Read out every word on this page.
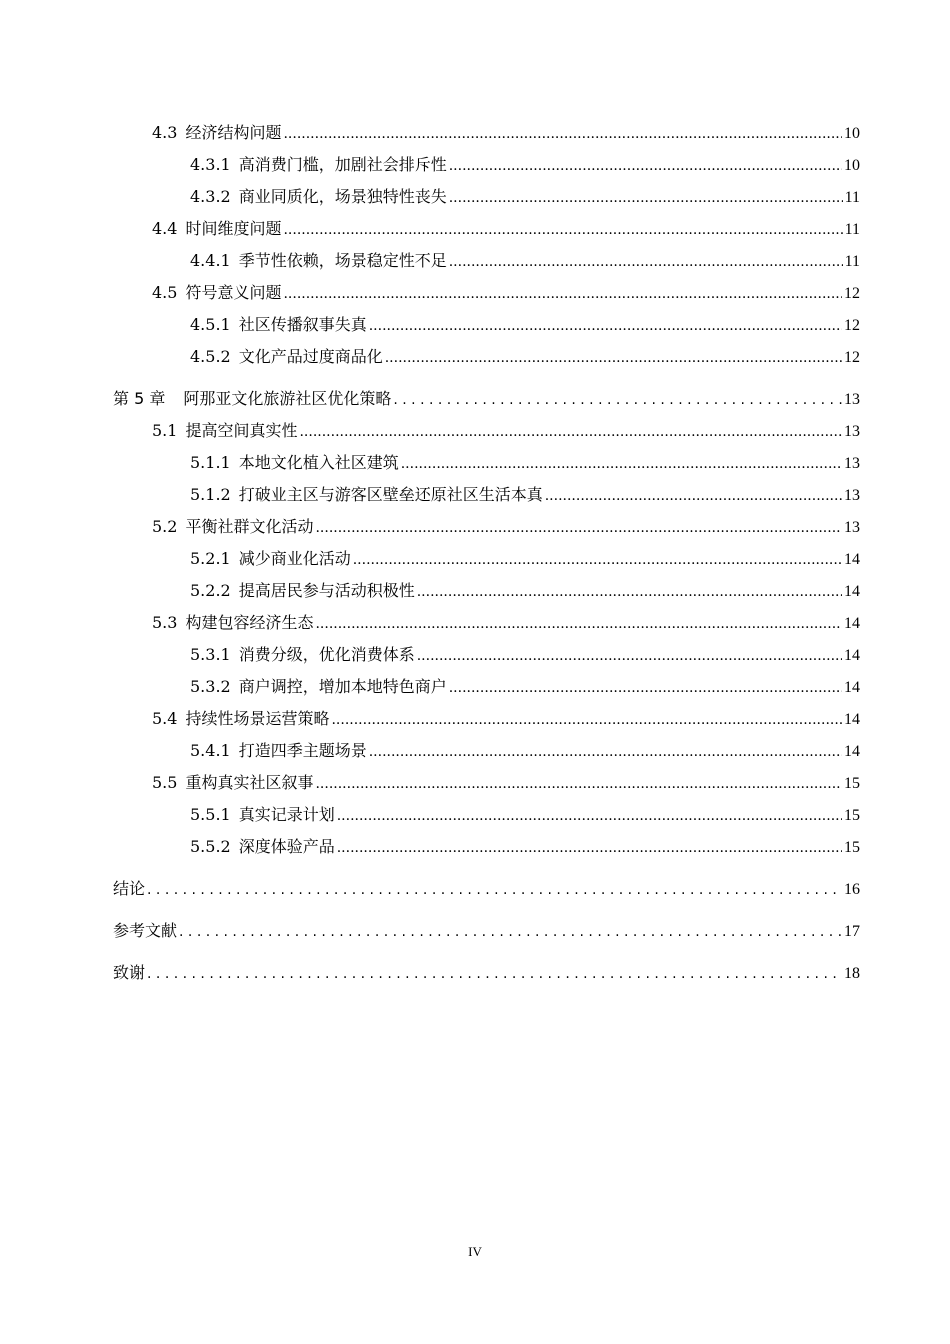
4.3 经济结构问题 .....	10
4.3.1 高消费门槛，加剧社会排斥性 .....	10
4.3.2 商业同质化，场景独特性丧失 .....	11
4.4 时间维度问题 .....	11
4.4.1 季节性依赖，场景稳定性不足 .....	11
4.5 符号意义问题 .....	12
4.5.1 社区传播叙事失真 .....	12
4.5.2 文化产品过度商品化 .....	12
第 5 章 阿那亚文化旅游社区优化策略 . . .	13
5.1 提高空间真实性 .....	13
5.1.1 本地文化植入社区建筑 .....	13
5.1.2 打破业主区与游客区壁垒还原社区生活本真 .....	13
5.2 平衡社群文化活动 .....	13
5.2.1 减少商业化活动 .....	14
5.2.2 提高居民参与活动积极性 .....	14
5.3 构建包容经济生态 .....	14
5.3.1 消费分级，优化消费体系 .....	14
5.3.2 商户调控，增加本地特色商户 .....	14
5.4 持续性场景运营策略 .....	14
5.4.1 打造四季主题场景 .....	14
5.5 重构真实社区叙事 .....	15
5.5.1 真实记录计划 .....	15
5.5.2 深度体验产品 .....	15
结论 . . .	16
参考文献 . . .	17
致谢 . . .	18
IV
